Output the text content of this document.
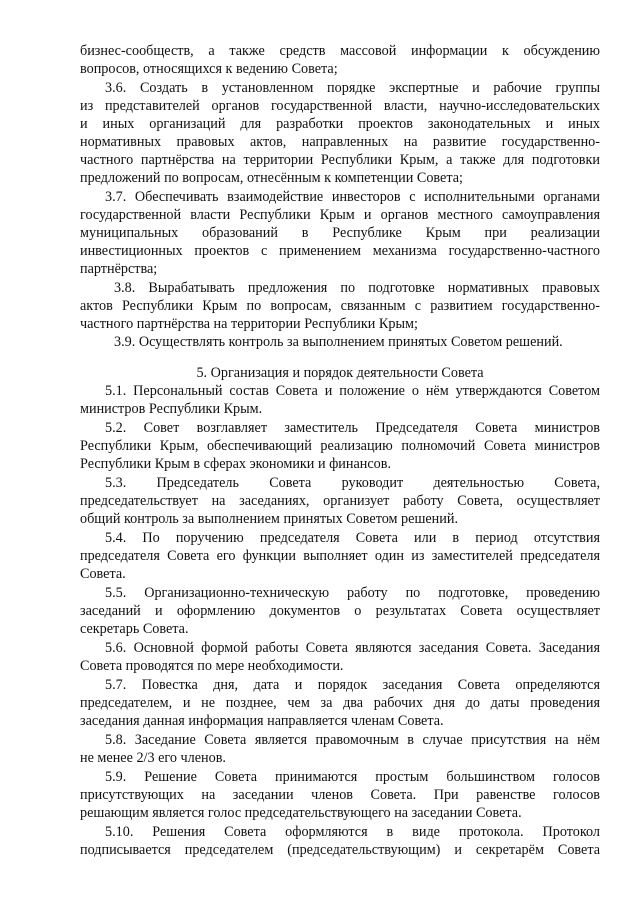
бизнес-сообществ, а также средств массовой информации к обсуждению
вопросов, относящихся к ведению Совета;
3.6. Создать в установленном порядке экспертные и рабочие группы
из представителей органов государственной власти, научно-исследовательских
и иных организаций для разработки проектов законодательных и иных
нормативных правовых актов, направленных на развитие государственно-
частного партнёрства на территории Республики Крым, а также для подготовки
предложений по вопросам, отнесённым к компетенции Совета;
3.7. Обеспечивать взаимодействие инвесторов с исполнительными органами
государственной власти Республики Крым и органов местного самоуправления
муниципальных образований в Республике Крым при реализации
инвестиционных проектов с применением механизма государственно-частного
партнёрства;
3.8. Вырабатывать предложения по подготовке нормативных правовых
актов Республики Крым по вопросам, связанным с развитием государственно-
частного партнёрства на территории Республики Крым;
3.9. Осуществлять контроль за выполнением принятых Советом решений.
5. Организация и порядок деятельности Совета
5.1. Персональный состав Совета и положение о нём утверждаются Советом
министров Республики Крым.
5.2. Совет возглавляет заместитель Председателя Совета министров
Республики Крым, обеспечивающий реализацию полномочий Совета министров
Республики Крым в сферах экономики и финансов.
5.3. Председатель Совета руководит деятельностью Совета,
председательствует на заседаниях, организует работу Совета, осуществляет
общий контроль за выполнением принятых Советом решений.
5.4. По поручению председателя Совета или в период отсутствия
председателя Совета его функции выполняет один из заместителей председателя
Совета.
5.5. Организационно-техническую работу по подготовке, проведению
заседаний и оформлению документов о результатах Совета осуществляет
секретарь Совета.
5.6. Основной формой работы Совета являются заседания Совета. Заседания
Совета проводятся по мере необходимости.
5.7. Повестка дня, дата и порядок заседания Совета определяются
председателем, и не позднее, чем за два рабочих дня до даты проведения
заседания данная информация направляется членам Совета.
5.8. Заседание Совета является правомочным в случае присутствия на нём
не менее 2/3 его членов.
5.9. Решение Совета принимаются простым большинством голосов
присутствующих на заседании членов Совета. При равенстве голосов
решающим является голос председательствующего на заседании Совета.
5.10. Решения Совета оформляются в виде протокола. Протокол
подписывается председателем (председательствующим) и секретарём Совета
